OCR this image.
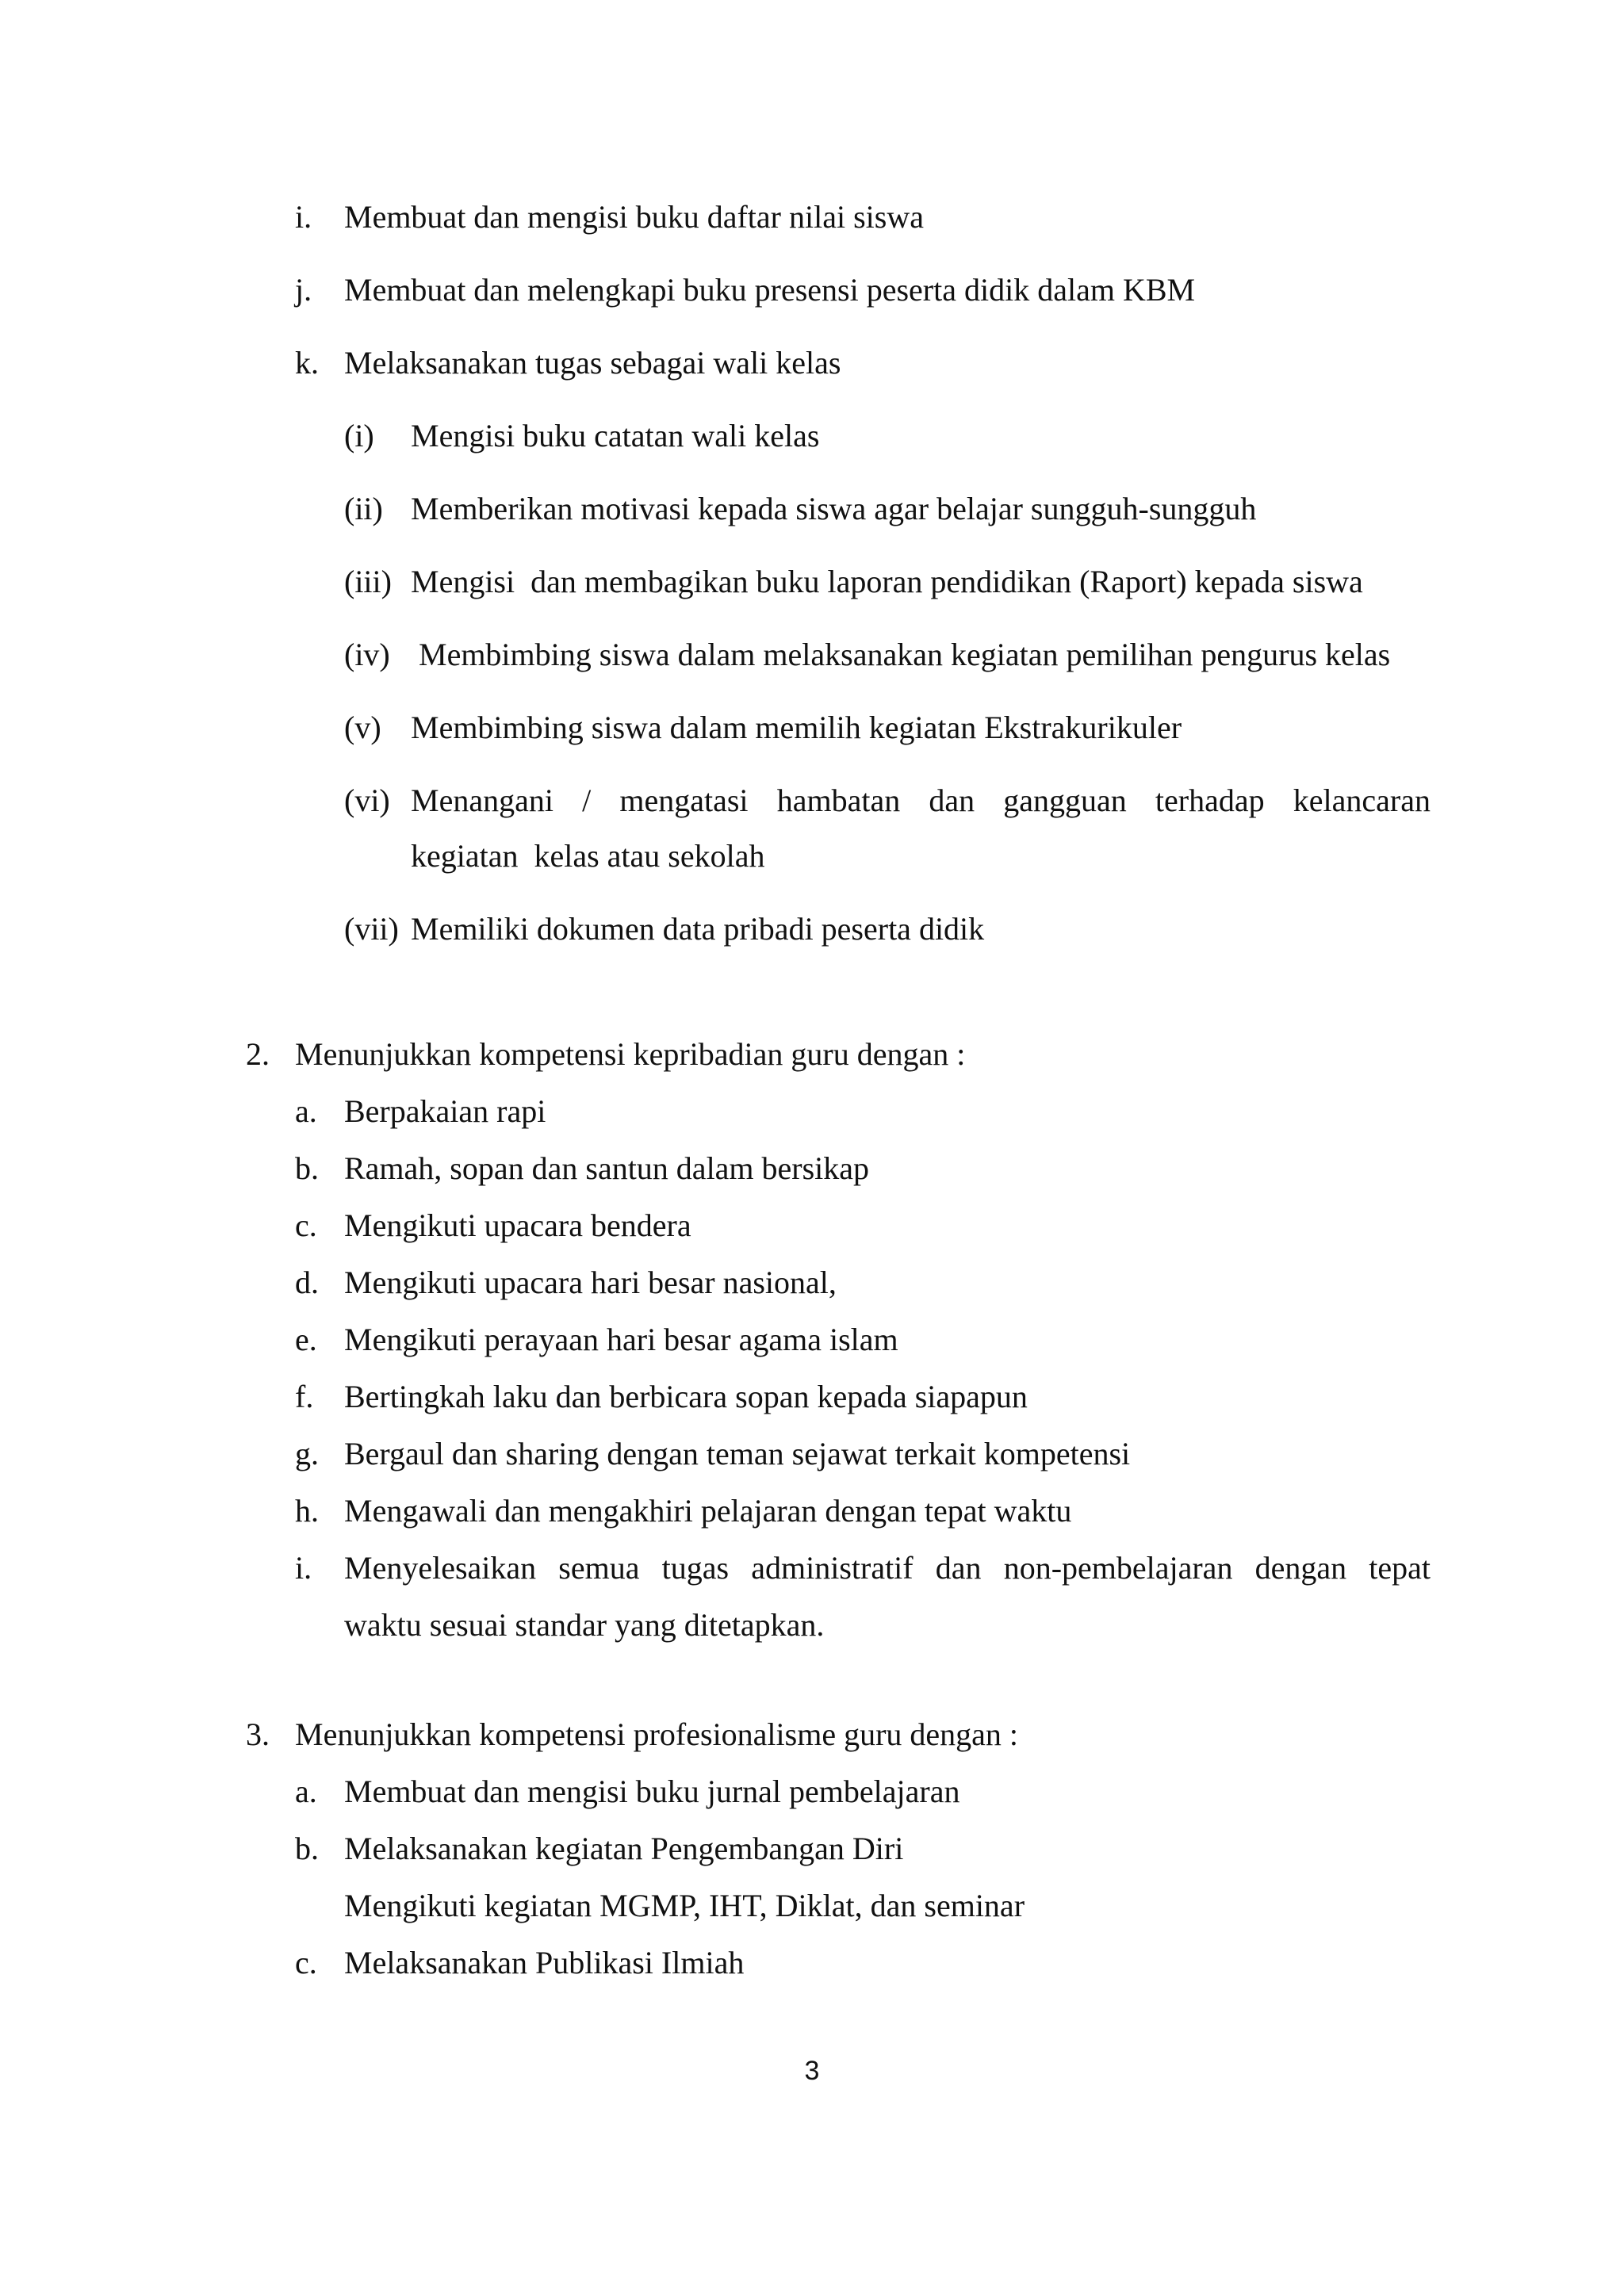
i. Membuat dan mengisi buku daftar nilai siswa
j. Membuat dan melengkapi buku presensi peserta didik dalam KBM
k. Melaksanakan tugas sebagai wali kelas
(i) Mengisi buku catatan wali kelas
(ii) Memberikan motivasi kepada siswa agar belajar sungguh-sungguh
(iii) Mengisi  dan membagikan buku laporan pendidikan (Raport) kepada siswa
(iv) Membimbing siswa dalam melaksanakan kegiatan pemilihan pengurus kelas
(v) Membimbing siswa dalam memilih kegiatan Ekstrakurikuler
(vi) Menangani / mengatasi hambatan dan gangguan terhadap kelancaran
kegiatan  kelas atau sekolah
(vii) Memiliki dokumen data pribadi peserta didik
2. Menunjukkan kompetensi kepribadian guru dengan :
a. Berpakaian rapi
b. Ramah, sopan dan santun dalam bersikap
c. Mengikuti upacara bendera
d. Mengikuti upacara hari besar nasional,
e. Mengikuti perayaan hari besar agama islam
f. Bertingkah laku dan berbicara sopan kepada siapapun
g. Bergaul dan sharing dengan teman sejawat terkait kompetensi
h. Mengawali dan mengakhiri pelajaran dengan tepat waktu
i. Menyelesaikan semua tugas administratif dan non-pembelajaran dengan tepat
waktu sesuai standar yang ditetapkan.
3. Menunjukkan kompetensi profesionalisme guru dengan :
a. Membuat dan mengisi buku jurnal pembelajaran
b. Melaksanakan kegiatan Pengembangan Diri
Mengikuti kegiatan MGMP, IHT, Diklat, dan seminar
c. Melaksanakan Publikasi Ilmiah
3
